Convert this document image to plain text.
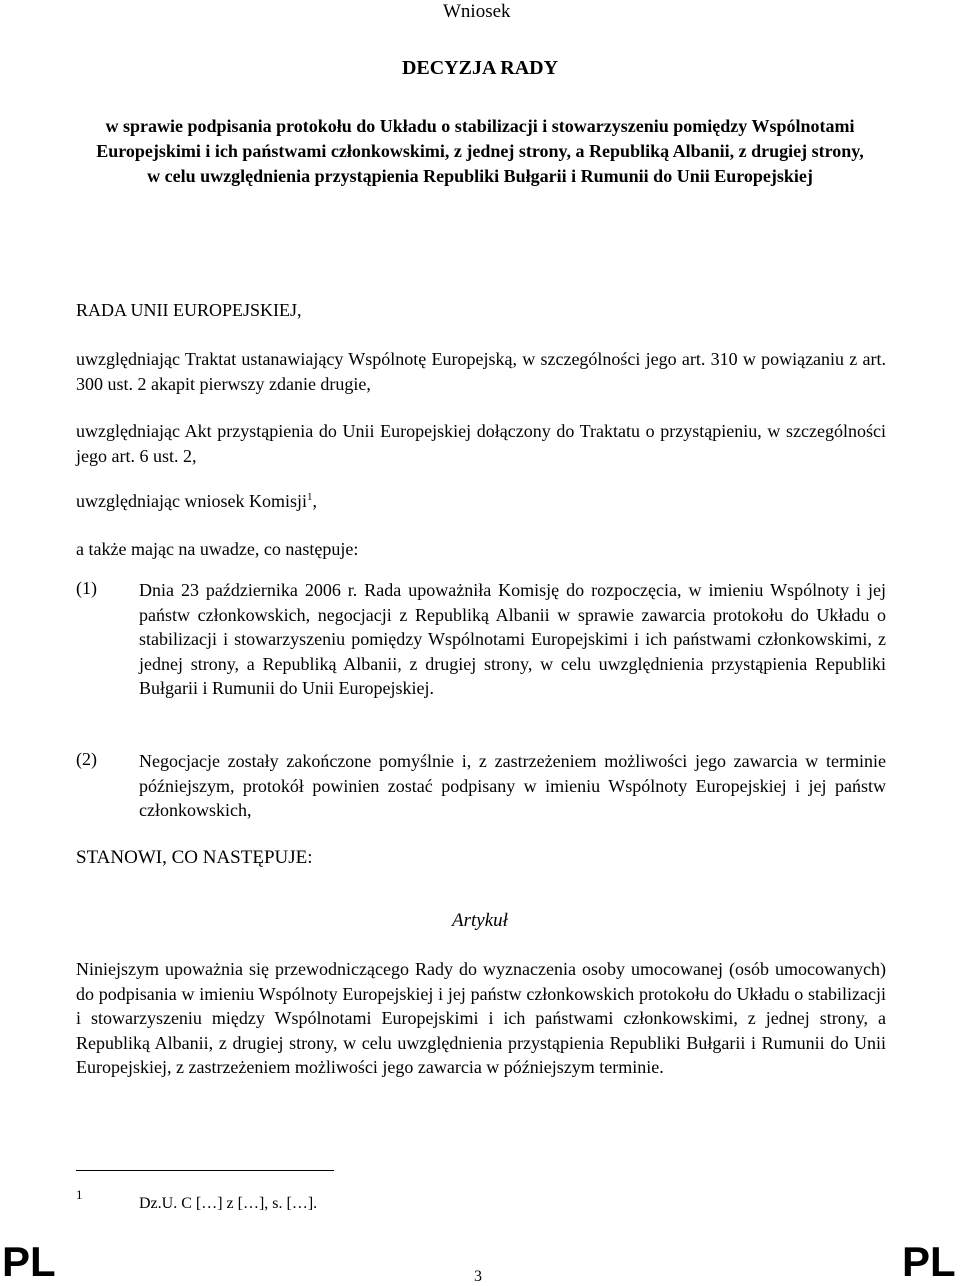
Wniosek
DECYZJA RADY
w sprawie podpisania protokołu do Układu o stabilizacji i stowarzyszeniu pomiędzy Wspólnotami Europejskimi i ich państwami członkowskimi, z jednej strony, a Republiką Albanii, z drugiej strony, w celu uwzględnienia przystąpienia Republiki Bułgarii i Rumunii do Unii Europejskiej
RADA UNII EUROPEJSKIEJ,
uwzględniając Traktat ustanawiający Wspólnotę Europejską, w szczególności jego art. 310 w powiązaniu z art. 300 ust. 2 akapit pierwszy zdanie drugie,
uwzględniając Akt przystąpienia do Unii Europejskiej dołączony do Traktatu o przystąpieniu, w szczególności jego art. 6 ust. 2,
uwzględniając wniosek Komisji$^1$,
a także mając na uwadze, co następuje:
(1) Dnia 23 października 2006 r. Rada upoważniła Komisję do rozpoczęcia, w imieniu Wspólnoty i jej państw członkowskich, negocjacji z Republiką Albanii w sprawie zawarcia protokołu do Układu o stabilizacji i stowarzyszeniu pomiędzy Wspólnotami Europejskimi i ich państwami członkowskimi, z jednej strony, a Republiką Albanii, z drugiej strony, w celu uwzględnienia przystąpienia Republiki Bułgarii i Rumunii do Unii Europejskiej.
(2) Negocjacje zostały zakończone pomyślnie i, z zastrzeżeniem możliwości jego zawarcia w terminie późniejszym, protokół powinien zostać podpisany w imieniu Wspólnoty Europejskiej i jej państw członkowskich,
STANOWI, CO NASTĘPUJE:
Artykuł
Niniejszym upoważnia się przewodniczącego Rady do wyznaczenia osoby umocowanej (osób umocowanych) do podpisania w imieniu Wspólnoty Europejskiej i jej państw członkowskich protokołu do Układu o stabilizacji i stowarzyszeniu między Wspólnotami Europejskimi i ich państwami członkowskimi, z jednej strony, a Republiką Albanii, z drugiej strony, w celu uwzględnienia przystąpienia Republiki Bułgarii i Rumunii do Unii Europejskiej, z zastrzeżeniem możliwości jego zawarcia w późniejszym terminie.
1
Dz.U. C […] z […], s. […].
PL	3	PL
